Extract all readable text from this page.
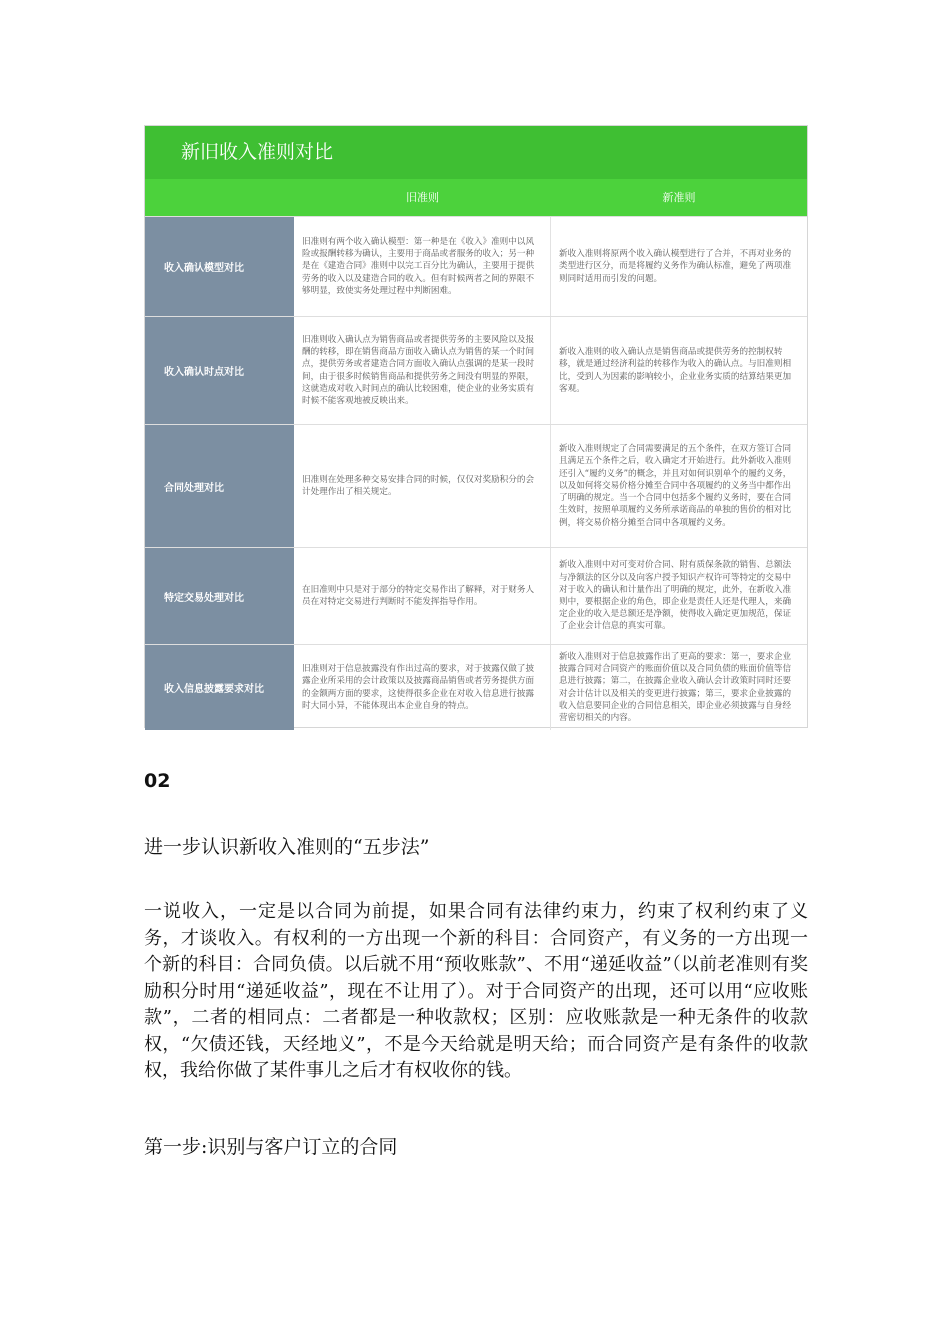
新旧收入准则对比
旧准则	新准则
收入确认模型对比
旧准则有两个收入确认模型：第一种是在《收入》准则中以风险或报酬转移为确认，主要用于商品或者服务的收入；另一种是在《建造合同》准则中以完工百分比为确认，主要用于提供劳务的收入以及建造合同的收入。但有时候两者之间的界限不够明显，致使实务处理过程中判断困难。
新收入准则将原两个收入确认模型进行了合并，不再对业务的类型进行区分，而是将履约义务作为确认标准，避免了两项准则同时适用而引发的问题。
收入确认时点对比
旧准则收入确认点为销售商品或者提供劳务的主要风险以及报酬的转移，即在销售商品方面收入确认点为销售的某一个时间点，提供劳务或者建造合同方面收入确认点强调的是某一段时间，由于很多时候销售商品和提供劳务之间没有明显的界限，这就造成对收入时间点的确认比较困难，使企业的业务实质有时候不能客观地被反映出来。
新收入准则的收入确认点是销售商品或提供劳务的控制权转移，就是通过经济利益的转移作为收入的确认点。与旧准则相比，受到人为因素的影响较小，企业业务实质的结算结果更加客观。
合同处理对比
旧准则在处理多种交易安排合同的时候，仅仅对奖励积分的会计处理作出了相关规定。
新收入准则规定了合同需要满足的五个条件，在双方签订合同且满足五个条件之后，收入确定才开始进行。此外新收入准则还引入“履约义务”的概念，并且对如何识别单个的履约义务，以及如何将交易价格分摊至合同中各项履约的义务当中都作出了明确的规定。当一个合同中包括多个履约义务时，要在合同生效时，按照单项履约义务所承诺商品的单独的售价的相对比例，将交易价格分摊至合同中各项履约义务。
特定交易处理对比
在旧准则中只是对于部分的特定交易作出了解释，对于财务人员在对特定交易进行判断时不能发挥指导作用。
新收入准则中对可变对价合同、附有质保条款的销售、总额法与净额法的区分以及向客户授予知识产权许可等特定的交易中对于收入的确认和计量作出了明确的规定，此外，在新收入准则中，要根据企业的角色，即企业是责任人还是代理人，来确定企业的收入是总额还是净额，使得收入确定更加规范，保证了企业会计信息的真实可靠。
收入信息披露要求对比
旧准则对于信息披露没有作出过高的要求，对于披露仅做了披露企业所采用的会计政策以及披露商品销售或者劳务提供方面的金额两方面的要求，这使得很多企业在对收入信息进行披露时大同小异，不能体现出本企业自身的特点。
新收入准则对于信息披露作出了更高的要求：第一，要求企业披露合同对合同资产的账面价值以及合同负债的账面价值等信息进行披露；第二，在披露企业收入确认会计政策时同时还要对会计估计以及相关的变更进行披露；第三，要求企业披露的收入信息要同企业的合同信息相关，即企业必须披露与自身经营密切相关的内容。
02
进一步认识新收入准则的“五步法”

一说收入，一定是以合同为前提，如果合同有法律约束力，约束了权利约束了义务，才谈收入。有权利的一方出现一个新的科目：合同资产，有义务的一方出现一个新的科目：合同负债。以后就不用“预收账款”、不用“递延收益”（以前老准则有奖励积分时用“递延收益”，现在不让用了）。对于合同资产的出现，还可以用“应收账款”，二者的相同点：二者都是一种收款权；区别：应收账款是一种无条件的收款权，“欠债还钱，天经地义”，不是今天给就是明天给；而合同资产是有条件的收款权，我给你做了某件事儿之后才有权收你的钱。

第一步:识别与客户订立的合同
